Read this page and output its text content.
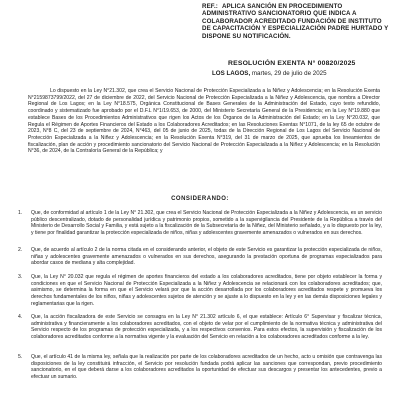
REF.: APLICA SANCIÓN EN PROCEDIMIENTO ADMINISTRATIVO SANCIONATORIO QUE INDICA A COLABORADOR ACREDITADO FUNDACIÓN DE INSTITUTO DE CAPACITACIÓN Y ESPECIALIZACIÓN PADRE HURTADO Y DISPONE SU NOTIFICACIÓN.
RESOLUCIÓN EXENTA N° 00820/2025
LOS LAGOS, martes, 29 de julio de 2025
Lo dispuesto en la Ley N°21.302, que crea el Servicio Nacional de Protección Especializada a la Niñez y Adolescencia; en la Resolución Exenta N°2159873799/2022, del 27 de diciembre de 2022, del Servicio Nacional de Protección Especializada a la Niñez y Adolescencia, que nombra a Director Regional de Los Lagos; en la Ley N°18.575, Orgánica Constitucional de Bases Generales de la Administración del Estado, cuyo texto refundido, coordinado y sistematizado fue aprobado por el D.F.L N°1/19.653, de 2000, del Ministerio Secretaría General de la Presidencia; en la Ley N°19.880 que establece Bases de los Procedimientos Administrativos que rigen los Actos de los Órganos de la Administración del Estado; en la Ley N°20.032, que Regula el Régimen de Aportes Financieros del Estado a los Colaboradores Acreditados; en las Resoluciones Exentas N°1071, de la ley 65 de octubre de 2023, N°8 C, del 23 de septiembre de 2024, N°463, del 05 de junio de 2025, todas de la Dirección Regional de Los Lagos del Servicio Nacional de Protección Especializada a la Niñez y Adolescencia; en la Resolución Exenta N°319, del 31 de marzo de 2025, que aprueba los lineamientos de fiscalización, plan de acción y procedimiento sancionatorio del Servicio Nacional de Protección Especializada a la Niñez y Adolescencia; en la Resolución N°36, de 2024, de la Contraloría General de la República; y
CONSIDERANDO:
1.	Que, de conformidad al artículo 1 de la Ley N° 21.302, que crea el Servicio Nacional de Protección Especializada a la Niñez y Adolescencia, es un servicio público descentralizado, dotado de personalidad jurídica y patrimonio propios, sometido a la supervigilancia del Presidente de la República a través del Ministerio de Desarrollo Social y Familia, y está sujeto a la fiscalización de la Subsecretaría de la Niñez, del Ministerio señalado, y a lo dispuesto por la ley, y tiene por finalidad garantizar la protección especializada de niños, niñas y adolescentes gravemente amenazados o vulnerados en sus derechos.
2.	Que, de acuerdo al artículo 2 de la norma citada en el considerando anterior, el objeto de este Servicio es garantizar la protección especializada de niños, niñas y adolescentes gravemente amenazados o vulnerados en sus derechos, asegurando la prestación oportuna de programas especializados para abordar casos de mediana y alta complejidad.
3.	Que, la Ley N° 20.032 que regula el régimen de aportes financieros del estado a los colaboradores acreditados, tiene por objeto establecer la forma y condiciones en que el Servicio Nacional de Protección Especializada a la Niñez y Adolescencia se relacionará con los colaboradores acreditados; que, asimismo, se determina la forma en que el Servicio velará por que la acción desarrollada por los colaboradores acreditados respete y promueva los derechos fundamentales de los niños, niñas y adolescentes sujetos de atención y se ajuste a lo dispuesto en la ley y en las demás disposiciones legales y reglamentarias que la rigen.
4.	Que, la acción fiscalizadora de este Servicio se consagra en la Ley N° 21.302 artículo 6, el que establece: Artículo 6° Supervisar y fiscalizar técnica, administrativa y financieramente a los colaboradores acreditados, con el objeto de velar por el cumplimiento de la normativa técnica y administrativa del Servicio respecto de los programas de protección especializada, y a los respectivos convenios. Para estos efectos, la supervisión y fiscalización de los colaboradores acreditados conforme a la normativa vigente y la evaluación del Servicio en relación a los colaboradores acreditados conforme a la ley.
5.	Que, el artículo 41 de la misma ley, señala que la realización por parte de los colaboradores acreditados de un hecho, acto u omisión que contravenga las disposiciones de la ley constituirá infracción, el Servicio por resolución fundada podrá aplicar las sanciones que correspondan, previo procedimiento sancionatorio, en el que deberá darse a los colaboradores acreditados la oportunidad de efectuar sus descargos y presentar los antecedentes, previo a efectuar un sumario.
